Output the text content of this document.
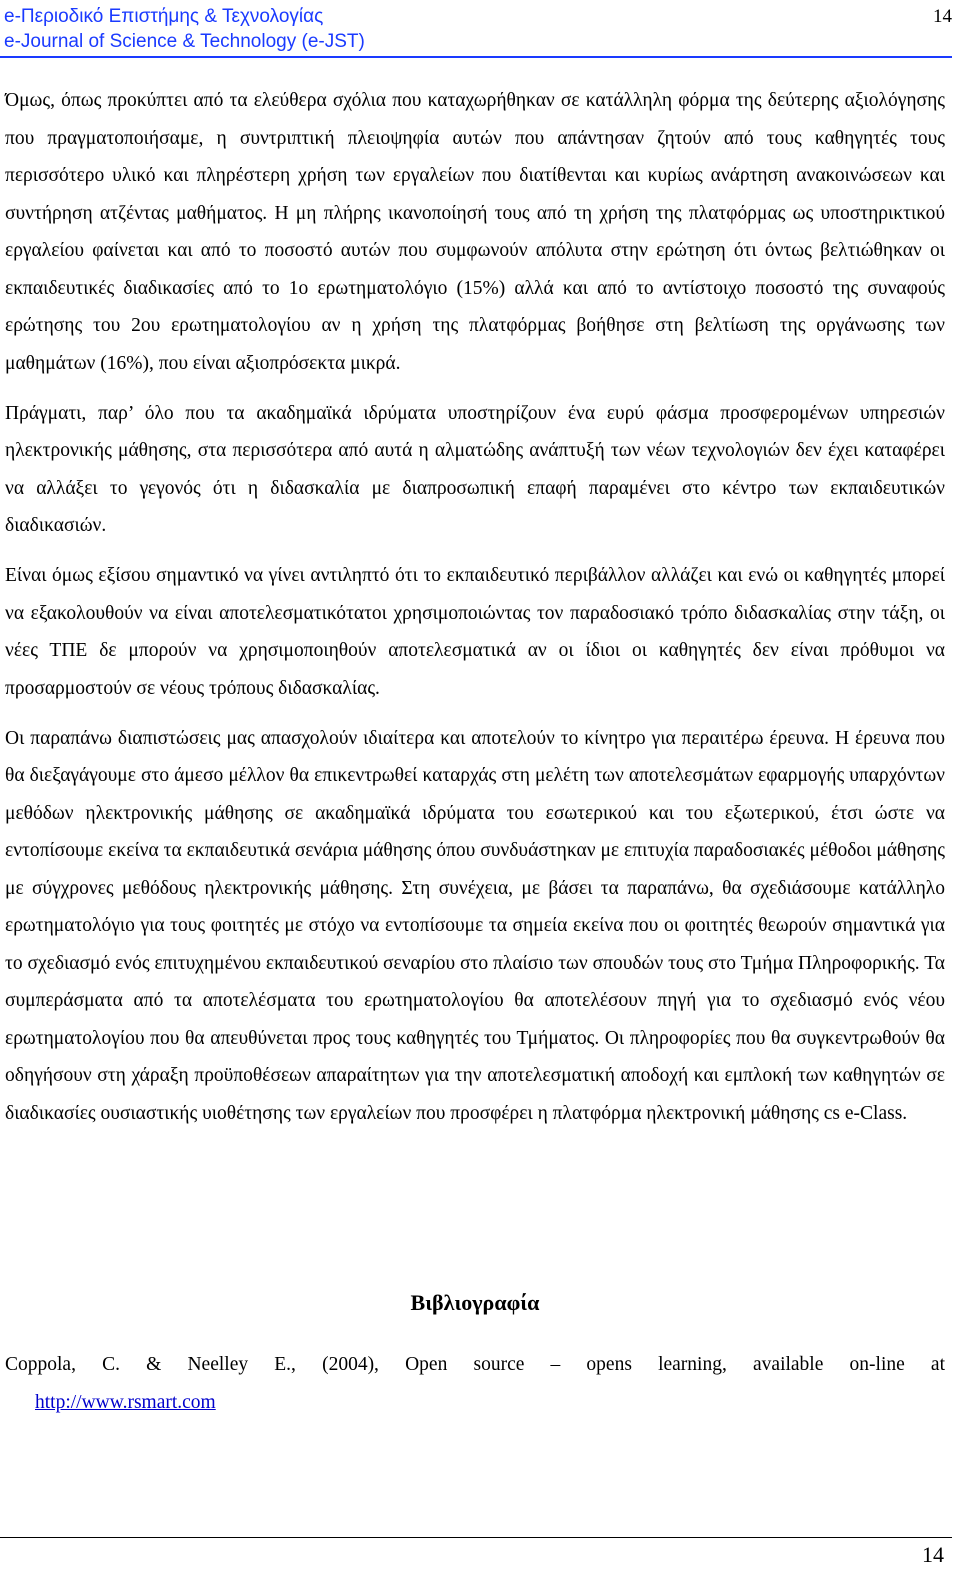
e-Περιοδικό Επιστήμης & Τεχνολογίας
e-Journal of Science & Technology (e-JST)
14

Όμως, όπως προκύπτει από τα ελεύθερα σχόλια που καταχωρήθηκαν σε κατάλληλη φόρμα της δεύτερης αξιολόγησης που πραγματοποιήσαμε, η συντριπτική πλειοψηφία αυτών που απάντησαν ζητούν από τους καθηγητές τους περισσότερο υλικό και πληρέστερη χρήση των εργαλείων που διατίθενται και κυρίως ανάρτηση ανακοινώσεων και συντήρηση ατζέντας μαθήματος. Η μη πλήρης ικανοποίησή τους από τη χρήση της πλατφόρμας ως υποστηρικτικού εργαλείου φαίνεται και από το ποσοστό αυτών που συμφωνούν απόλυτα στην ερώτηση ότι όντως βελτιώθηκαν οι εκπαιδευτικές διαδικασίες από το 1ο ερωτηματολόγιο (15%) αλλά και από το αντίστοιχο ποσοστό της συναφούς ερώτησης του 2ου ερωτηματολογίου αν η χρήση της πλατφόρμας βοήθησε στη βελτίωση της οργάνωσης των μαθημάτων (16%), που είναι αξιοπρόσεκτα μικρά.

Πράγματι, παρ’ όλο που τα ακαδημαϊκά ιδρύματα υποστηρίζουν ένα ευρύ φάσμα προσφερομένων υπηρεσιών ηλεκτρονικής μάθησης, στα περισσότερα από αυτά η αλματώδης ανάπτυξή των νέων τεχνολογιών δεν έχει καταφέρει να αλλάξει το γεγονός ότι η διδασκαλία με διαπροσωπική επαφή παραμένει στο κέντρο των εκπαιδευτικών διαδικασιών.

Είναι όμως εξίσου σημαντικό να γίνει αντιληπτό ότι το εκπαιδευτικό περιβάλλον αλλάζει και ενώ οι καθηγητές μπορεί να εξακολουθούν να είναι αποτελεσματικότατοι χρησιμοποιώντας τον παραδοσιακό τρόπο διδασκαλίας στην τάξη, οι νέες ΤΠΕ δε μπορούν να χρησιμοποιηθούν αποτελεσματικά αν οι ίδιοι οι καθηγητές δεν είναι πρόθυμοι να προσαρμοστούν σε νέους τρόπους διδασκαλίας.

Οι παραπάνω διαπιστώσεις μας απασχολούν ιδιαίτερα και αποτελούν το κίνητρο για περαιτέρω έρευνα. Η έρευνα που θα διεξαγάγουμε στο άμεσο μέλλον θα επικεντρωθεί καταρχάς στη μελέτη των αποτελεσμάτων εφαρμογής υπαρχόντων μεθόδων ηλεκτρονικής μάθησης σε ακαδημαϊκά ιδρύματα του εσωτερικού και του εξωτερικού, έτσι ώστε να εντοπίσουμε εκείνα τα εκπαιδευτικά σενάρια μάθησης όπου συνδυάστηκαν με επιτυχία παραδοσιακές μέθοδοι μάθησης με σύγχρονες μεθόδους ηλεκτρονικής μάθησης. Στη συνέχεια, με βάσει τα παραπάνω, θα σχεδιάσουμε κατάλληλο ερωτηματολόγιο για τους φοιτητές με στόχο να εντοπίσουμε τα σημεία εκείνα που οι φοιτητές θεωρούν σημαντικά για το σχεδιασμό ενός επιτυχημένου εκπαιδευτικού σεναρίου στο πλαίσιο των σπουδών τους στο Τμήμα Πληροφορικής. Τα συμπεράσματα από τα αποτελέσματα του ερωτηματολογίου θα αποτελέσουν πηγή για το σχεδιασμό ενός νέου ερωτηματολογίου που θα απευθύνεται προς τους καθηγητές του Τμήματος. Οι πληροφορίες που θα συγκεντρωθούν θα οδηγήσουν στη χάραξη προϋποθέσεων απαραίτητων για την αποτελεσματική αποδοχή και εμπλοκή των καθηγητών σε διαδικασίες ουσιαστικής υιοθέτησης των εργαλείων που προσφέρει η πλατφόρμα ηλεκτρονική μάθησης cs e-Class.

Βιβλιογραφία
Coppola, C. & Neelley E., (2004), Open source – opens learning, available on-line at
http://www.rsmart.com
14
